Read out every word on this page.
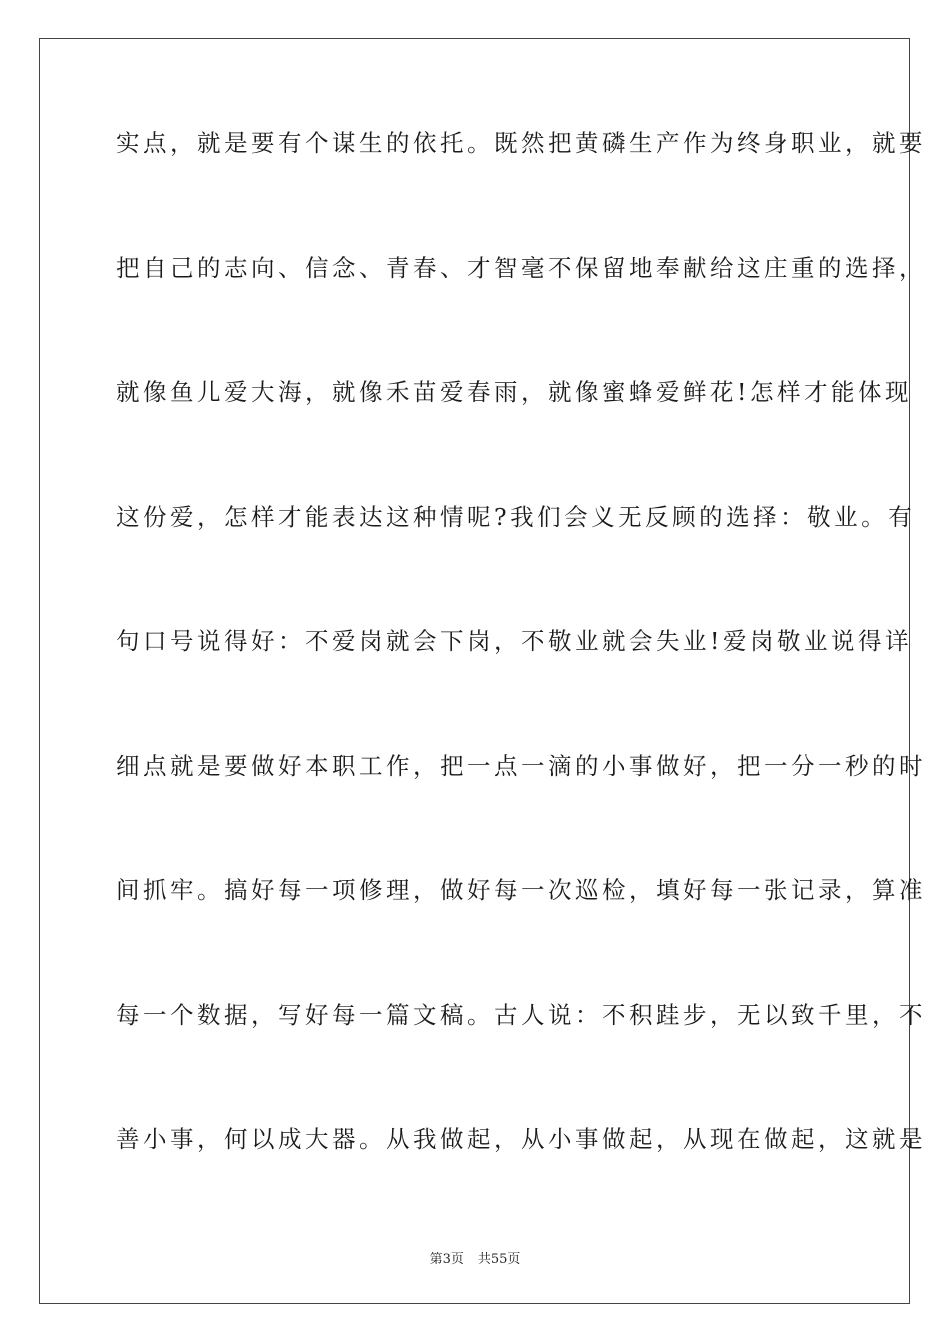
实点，就是要有个谋生的依托。既然把黄磷生产作为终身职业，就要
把自己的志向、信念、青春、才智毫不保留地奉献给这庄重的选择，
就像鱼儿爱大海，就像禾苗爱春雨，就像蜜蜂爱鲜花!怎样才能体现
这份爱，怎样才能表达这种情呢?我们会义无反顾的选择：敬业。有
句口号说得好：不爱岗就会下岗，不敬业就会失业!爱岗敬业说得详
细点就是要做好本职工作，把一点一滴的小事做好，把一分一秒的时
间抓牢。搞好每一项修理，做好每一次巡检，填好每一张记录，算准
每一个数据，写好每一篇文稿。古人说：不积跬步，无以致千里，不
善小事，何以成大器。从我做起，从小事做起，从现在做起，这就是
第3页 共55页
